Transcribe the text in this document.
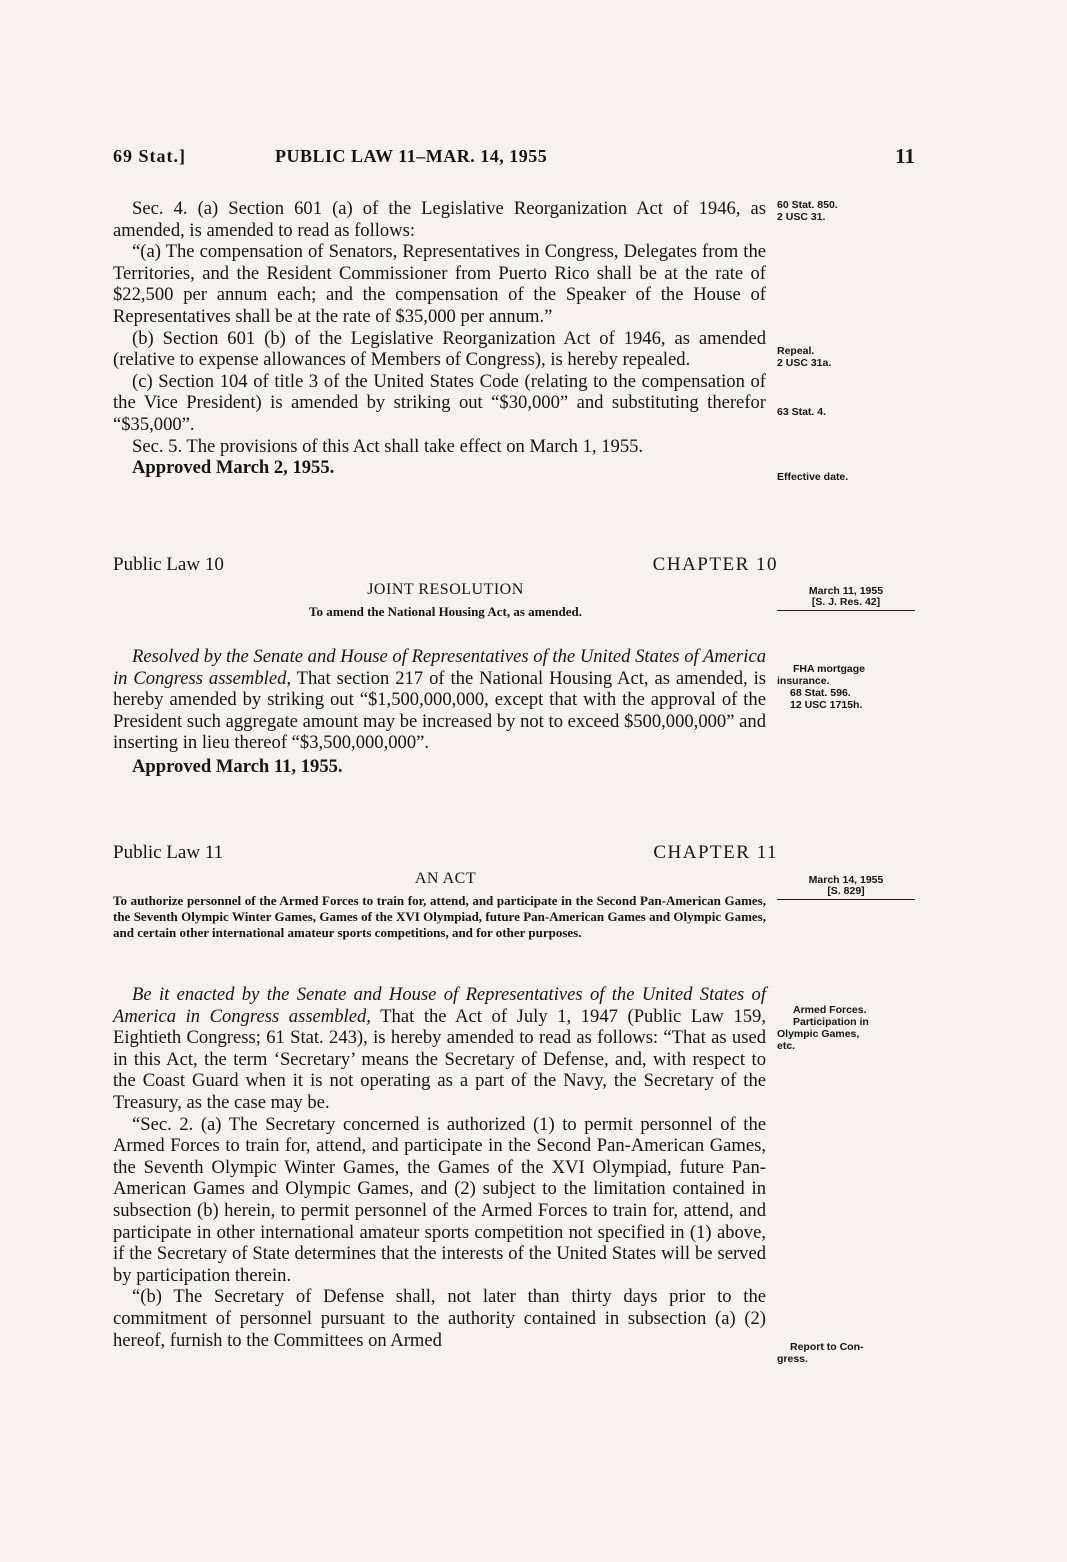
69 Stat.]	PUBLIC LAW 11–MAR. 14, 1955	11

Sec. 4. (a) Section 601 (a) of the Legislative Reorganization Act of 1946, as amended, is amended to read as follows:

“(a) The compensation of Senators, Representatives in Congress, Delegates from the Territories, and the Resident Commissioner from Puerto Rico shall be at the rate of $22,500 per annum each; and the compensation of the Speaker of the House of Representatives shall be at the rate of $35,000 per annum.”

(b) Section 601 (b) of the Legislative Reorganization Act of 1946, as amended (relative to expense allowances of Members of Congress), is hereby repealed.

(c) Section 104 of title 3 of the United States Code (relating to the compensation of the Vice President) is amended by striking out “$30,000” and substituting therefor “$35,000”.

Sec. 5. The provisions of this Act shall take effect on March 1, 1955.

Approved March 2, 1955.

60 Stat. 850.
2 USC 31.
Repeal.
2 USC 31a.
63 Stat. 4.
Effective date.
Public Law 10	CHAPTER 10
JOINT RESOLUTION
To amend the National Housing Act, as amended.
March 11, 1955
[S. J. Res. 42]

Resolved by the Senate and House of Representatives of the United States of America in Congress assembled, That section 217 of the National Housing Act, as amended, is hereby amended by striking out “$1,500,000,000, except that with the approval of the President such aggregate amount may be increased by not to exceed $500,000,000” and inserting in lieu thereof “$3,500,000,000”.

Approved March 11, 1955.

FHA mortgage
insurance.
68 Stat. 596.
12 USC 1715h.
Public Law 11	CHAPTER 11
AN ACT
To authorize personnel of the Armed Forces to train for, attend, and participate in the Second Pan-American Games, the Seventh Olympic Winter Games, Games of the XVI Olympiad, future Pan-American Games and Olympic Games, and certain other international amateur sports competitions, and for other purposes.
March 14, 1955
[S. 829]

Be it enacted by the Senate and House of Representatives of the United States of America in Congress assembled, That the Act of July 1, 1947 (Public Law 159, Eightieth Congress; 61 Stat. 243), is hereby amended to read as follows: “That as used in this Act, the term ‘Secretary’ means the Secretary of Defense, and, with respect to the Coast Guard when it is not operating as a part of the Navy, the Secretary of the Treasury, as the case may be.

“Sec. 2. (a) The Secretary concerned is authorized (1) to permit personnel of the Armed Forces to train for, attend, and participate in the Second Pan-American Games, the Seventh Olympic Winter Games, the Games of the XVI Olympiad, future Pan-American Games and Olympic Games, and (2) subject to the limitation contained in subsection (b) herein, to permit personnel of the Armed Forces to train for, attend, and participate in other international amateur sports competition not specified in (1) above, if the Secretary of State determines that the interests of the United States will be served by participation therein.

“(b) The Secretary of Defense shall, not later than thirty days prior to the commitment of personnel pursuant to the authority contained in subsection (a) (2) hereof, furnish to the Committees on Armed

Armed Forces.
Participation in
Olympic Games,
etc.
Report to Con-
gress.
